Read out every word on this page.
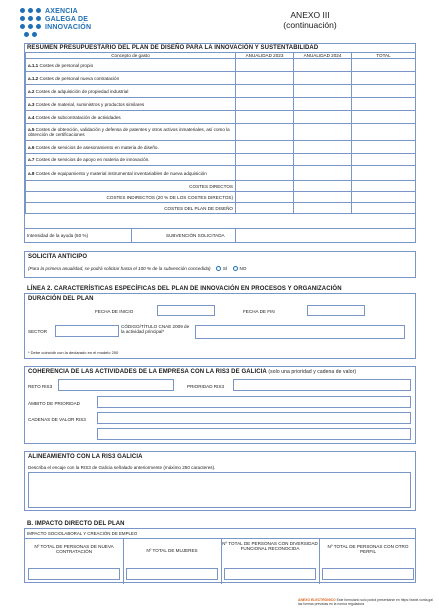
AXENCIA
GALEGA DE
INNOVACIÓN
ANEXO III
(continuación)
RESUMEN PRESUPUESTARIO DEL PLAN DE DISEÑO PARA LA INNOVACIÓN Y SUSTENTABILIDAD
Concepto de gasto	ANUALIDAD 2023	ANUALIDAD 2024	TOTAL
a.1.1 Costes de personal propio			
a.1.2 Costes de personal nueva contratación			
a.2 Costes de adquisición de propiedad industrial			
a.3 Costes de material, suministros y productos similares			
a.4 Costes de subcontratación de actividades			
a.5 Costes de obtención, validación y defensa de patentes y otros activos inmateriales, así como la obtención de certificaciones			
a.6 Costes de servicios de asesoramiento en materia de diseño.			
a.7 Costes de servicios de apoyo en materia de innovación.			
a.8 Costes de equipamiento y material instrumental inventariables de nueva adquisición			
COSTES DIRECTOS			
COSTES INDIRECTOS (20 % DE LOS COSTES DIRECTOS)			
COSTES DEL PLAN DE DISEÑO			
Intensidad de la ayuda (50 %)	SUBVENCIÓN SOLICITADA
SOLICITA ANTICIPO
(Para la primera anualidad, se podrá solicitar hasta el 100 % de la subvención concedida)	SÍ	NO
LÍNEA 2. CARACTERÍSTICAS ESPECÍFICAS DEL PLAN DE INNOVACIÓN EN PROCESOS Y ORGANIZACIÓN
DURACIÓN DEL PLAN
FECHA DE INICIO	FECHA DE FIN
SECTOR
CÓDIGO/TÍTULO CNAE 2009 de la actividad principal*
* Debe coincidir con la declarado en el modelo 200
COHERENCIA DE LAS ACTIVIDADES DE LA EMPRESA CON LA RIS3 DE GALICIA (solo una prioridad y cadena de valor)
RETO RIS3	PRIORIDAD RIS3
ÁMBITO DE PRIORIDAD
CADENAS DE VALOR RIS3
ALINEAMIENTO CON LA RIS3 GALICIA
Describa el encaje con la RIS3 de Galicia señalado anteriormente (máximo 250 caracteres).
B. IMPACTO DIRECTO DEL PLAN
IMPACTO SOCIOLABORAL Y CREACIÓN DE EMPLEO
Nº TOTAL DE PERSONAS DE NUEVA CONTRATACIÓN	Nº TOTAL DE MUJERES
Nº TOTAL DE PERSONAS CON DIVERSIDAD FUNCIONAL RECONOCIDA	Nº TOTAL DE PERSONAS CON OTRO PERFIL
ANEXO ELECTRÓNICO Este formulario solo podrá presentarse en https://sede.xunta.gal las formas previstas en la norma reguladora
